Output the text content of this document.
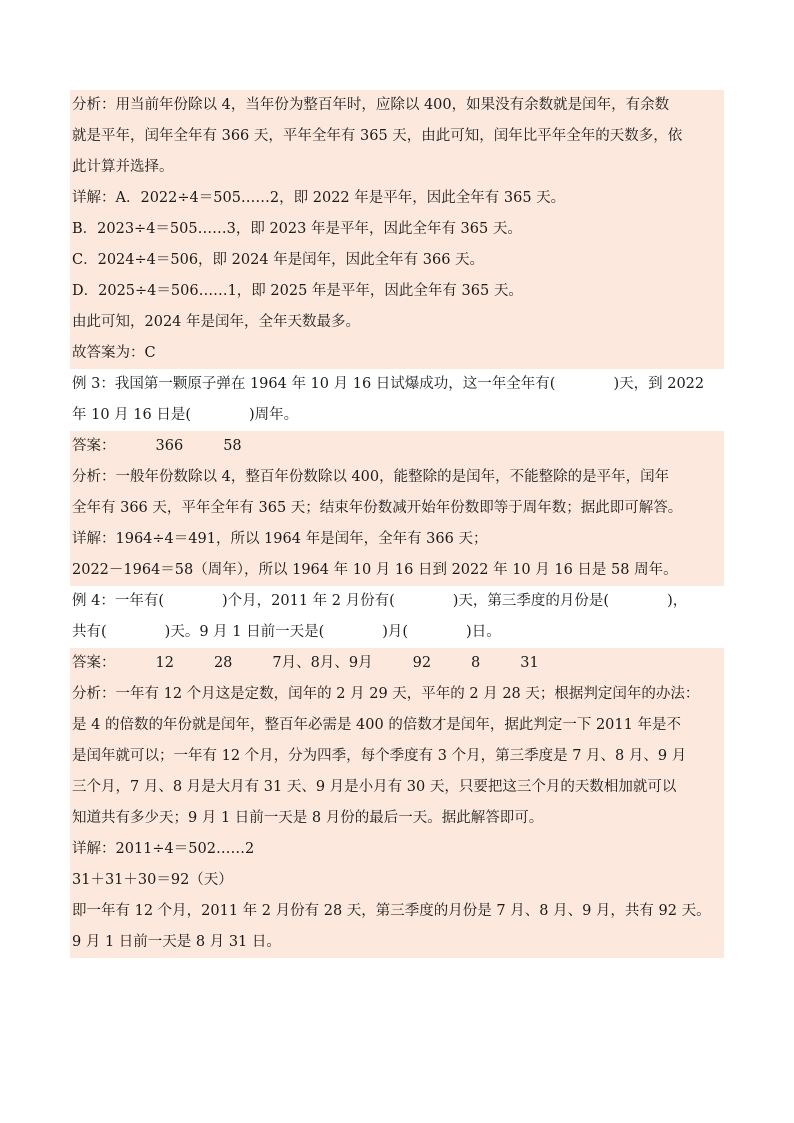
分析：用当前年份除以 4，当年份为整百年时，应除以 400，如果没有余数就是闰年，有余数
就是平年，闰年全年有 366 天，平年全年有 365 天，由此可知，闰年比平年全年的天数多，依
此计算并选择。
详解：A．2022÷4＝505……2，即 2022 年是平年，因此全年有 365 天。
B．2023÷4＝505……3，即 2023 年是平年，因此全年有 365 天。
C．2024÷4＝506，即 2024 年是闰年，因此全年有 366 天。
D．2025÷4＝506……1，即 2025 年是平年，因此全年有 365 天。
由此可知，2024 年是闰年，全年天数最多。
故答案为：C
例 3：我国第一颗原子弹在 1964 年 10 月 16 日试爆成功，这一年全年有(　　　　)天，到 2022
年 10 月 16 日是(　　　　)周年。
答案：	366	58
分析：一般年份数除以 4，整百年份数除以 400，能整除的是闰年，不能整除的是平年，闰年
全年有 366 天，平年全年有 365 天；结束年份数减开始年份数即等于周年数；据此即可解答。
详解：1964÷4＝491，所以 1964 年是闰年，全年有 366 天；
2022－1964＝58（周年），所以 1964 年 10 月 16 日到 2022 年 10 月 16 日是 58 周年。
例 4：一年有(　　　　)个月，2011 年 2 月份有(　　　　)天，第三季度的月份是(　　　　)，
共有(　　　　)天。9 月 1 日前一天是(　　　　)月(　　　　)日。
答案：	12	28	7月、8月、9月	92	8	31
分析：一年有 12 个月这是定数，闰年的 2 月 29 天，平年的 2 月 28 天；根据判定闰年的办法：
是 4 的倍数的年份就是闰年，整百年必需是 400 的倍数才是闰年，据此判定一下 2011 年是不
是闰年就可以；一年有 12 个月，分为四季，每个季度有 3 个月，第三季度是 7 月、8 月、9 月
三个月，7 月、8 月是大月有 31 天、9 月是小月有 30 天，只要把这三个月的天数相加就可以
知道共有多少天；9 月 1 日前一天是 8 月份的最后一天。据此解答即可。
详解：2011÷4＝502……2
31＋31＋30＝92（天）
即一年有 12 个月，2011 年 2 月份有 28 天，第三季度的月份是 7 月、8 月、9 月，共有 92 天。
9 月 1 日前一天是 8 月 31 日。
